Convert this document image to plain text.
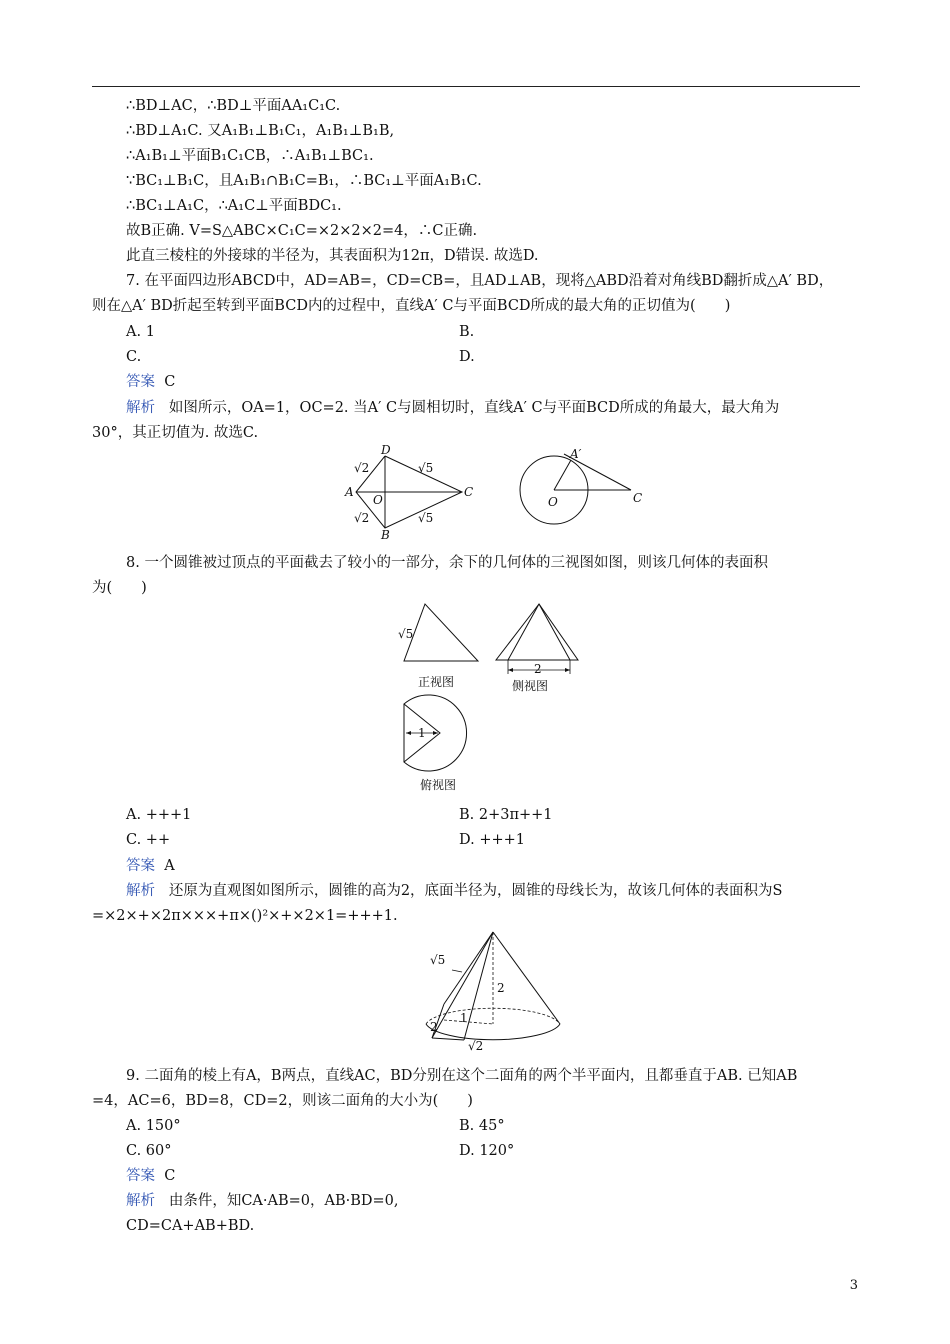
∴BD⊥AC，∴BD⊥平面AA₁C₁C.
∴BD⊥A₁C. 又A₁B₁⊥B₁C₁，A₁B₁⊥B₁B,
∴A₁B₁⊥平面B₁C₁CB，∴A₁B₁⊥BC₁.
∵BC₁⊥B₁C，且A₁B₁∩B₁C=B₁，∴BC₁⊥平面A₁B₁C.
∴BC₁⊥A₁C，∴A₁C⊥平面BDC₁.
故B正确. V=S△ABC×C₁C=×2×2×2=4，∴C正确.
此直三棱柱的外接球的半径为，其表面积为12π，D错误. 故选D.
7. 在平面四边形ABCD中，AD=AB=，CD=CB=，且AD⊥AB，现将△ABD沿着对角线BD翻折成△A′ BD，
则在△A′ BD折起至转到平面BCD内的过程中，直线A′ C与平面BCD所成的最大角的正切值为(　　)
A. 1	B.
C.	D.
答案 C
解析 如图所示，OA=1，OC=2. 当A′ C与圆相切时，直线A′ C与平面BCD所成的角最大，最大角为
30°，其正切值为. 故选C.
D
A
O
C
B
√2	√5
√2	√5
A′
O	C
8. 一个圆锥被过顶点的平面截去了较小的一部分，余下的几何体的三视图如图，则该几何体的表面积
为(　　)
√5
正视图
2
侧视图
1
俯视图
A. +++1	B. 2+3π++1
C. ++	D. +++1
答案 A
解析 还原为直观图如图所示，圆锥的高为2，底面半径为，圆锥的母线长为，故该几何体的表面积为S
=×2×+×2π×××+π×()²×+×2×1=+++1.
√5
2
2
1
√2
9. 二面角的棱上有A，B两点，直线AC，BD分别在这个二面角的两个半平面内，且都垂直于AB. 已知AB
=4，AC=6，BD=8，CD=2，则该二面角的大小为(　　)
A. 150°	B. 45°
C. 60°	D. 120°
答案 C
解析 由条件，知CA·AB=0，AB·BD=0,
CD=CA+AB+BD.
3
